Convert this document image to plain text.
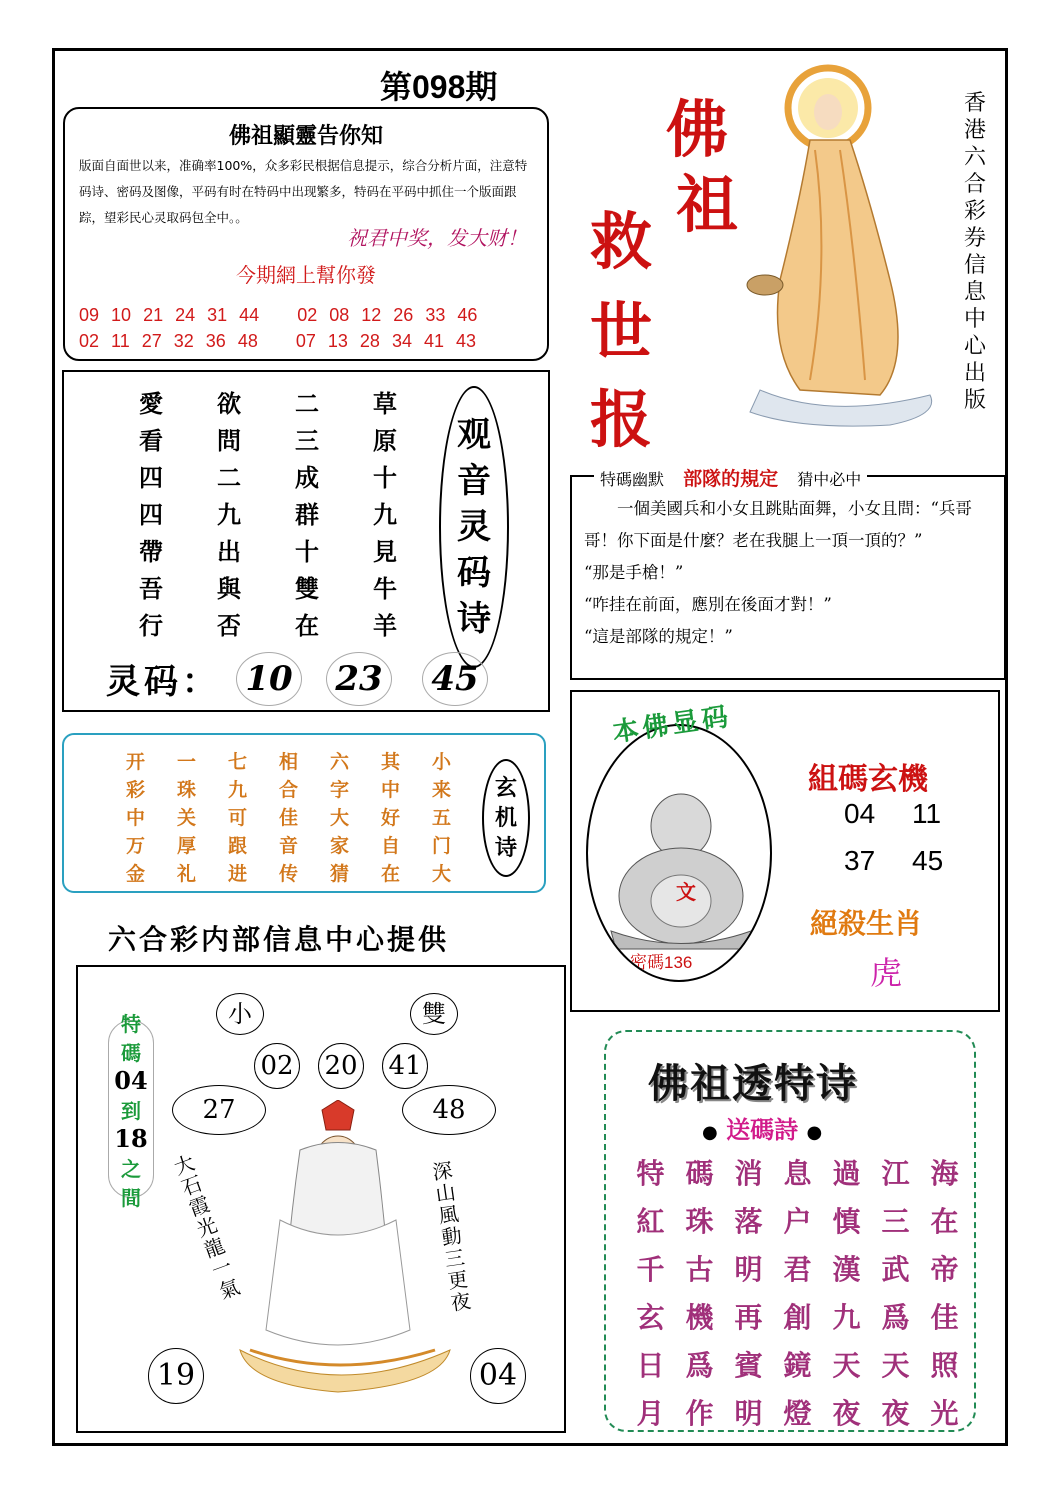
第098期
佛祖顯靈告你知
版面自面世以来，准确率100%，众多彩民根据信息提示，综合分析片面，注意特码诗、密码及图像，平码有时在特码中出现繁多，特码在平码中抓住一个版面跟踪，望彩民心灵取码包全中。。
祝君中奖，发大财！
今期網上幫你發
09 10 21 24 31 44 02 08 12 26 33 46
02 11 27 32 36 48 07 13 28 34 41 43
佛
祖
救
世
报
香港六合彩券信息中心出版
愛	欲	二	草
看	問	三	原
四	二	成	十
四	九	群	九
帶	出	十	見
吾	與	雙	牛
行	否	在	羊
观
音
灵
码
诗
灵码： 10 23 45
开	一	七	相	六	其	小
彩	珠	九	合	字	中	来
中	关	可	佳	大	好	五
万	厚	跟	音	家	自	门
金	礼	进	传	猜	在	大
玄
机
诗
六合彩内部信息中心提供
小	雙
02 20 41
27	48
特
碼
04
到
18
之
間 大石霞光龍一氣	深山風動三更夜
19	04
特碼幽默 部隊的規定 猜中必中
　　一個美國兵和小女且跳貼面舞，小女且問：“兵哥哥！你下面是什麼？老在我腿上一頂一頂的？”
“那是手槍！”
“咋挂在前面，應別在後面才對！”
“這是部隊的規定！”
文
密碼136
本佛显码
組碼玄機
04 11
37 45
絕殺生肖
虎
佛祖透特诗
● 送碼詩 ●
特 碼 消 息 過 江 海
紅 珠 落 户 慎 三 在
千 古 明 君 漢 武 帝
玄 機 再 創 九 爲 佳
日 爲 賓 鏡 天 天 照
月 作 明 燈 夜 夜 光
